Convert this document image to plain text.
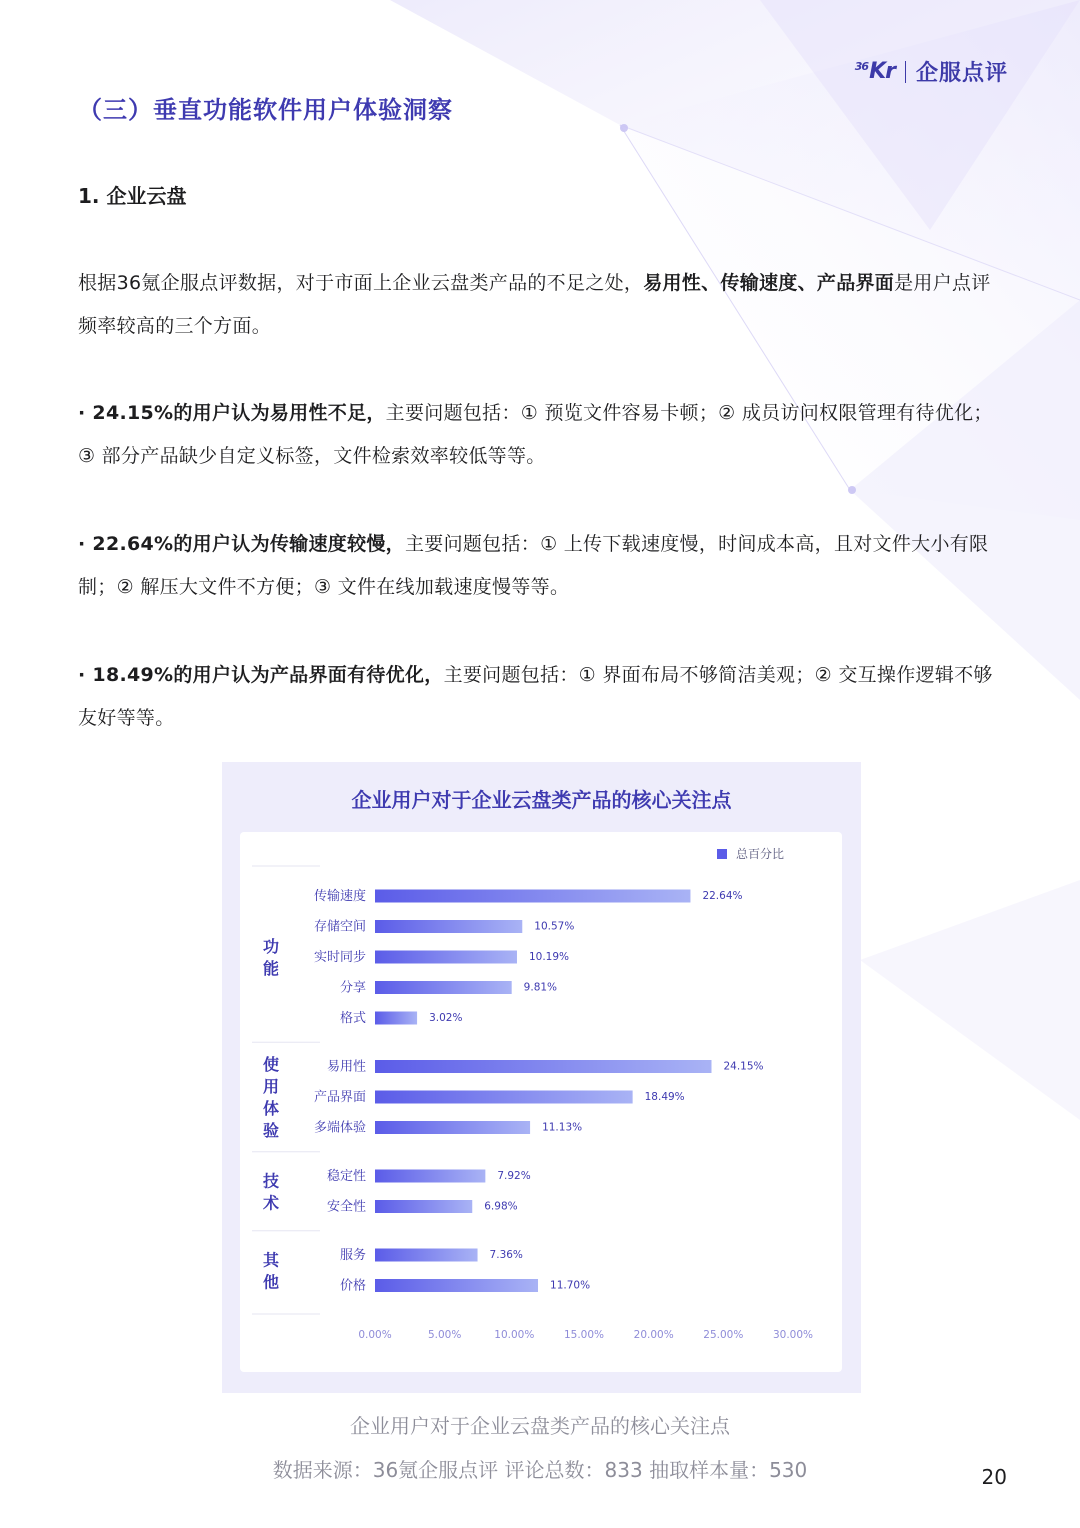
$^{36}$Kr 企服点评
（三）垂直功能软件用户体验洞察
1. 企业云盘
根据36氪企服点评数据，对于市面上企业云盘类产品的不足之处，易用性、传输速度、产品界面是用户点评频率较高的三个方面。
· 24.15%的用户认为易用性不足，主要问题包括：① 预览文件容易卡顿；② 成员访问权限管理有待优化；③ 部分产品缺少自定义标签，文件检索效率较低等等。
· 22.64%的用户认为传输速度较慢，主要问题包括：① 上传下载速度慢，时间成本高，且对文件大小有限制；② 解压大文件不方便；③ 文件在线加载速度慢等等。
· 18.49%的用户认为产品界面有待优化，主要问题包括：① 界面布局不够简洁美观；② 交互操作逻辑不够友好等等。
企业用户对于企业云盘类产品的核心关注点
传输速度	22.64%
存储空间	10.57%
实时同步	10.19%
分享	9.81%
格式	3.02%
功
能
易用性	24.15%
产品界面	18.49%
多端体验	11.13%
使
用
体
验
稳定性	7.92%
安全性	6.98%
技
术
服务	7.36%
价格	11.70%
其
他
0.00%	5.00%	10.00%	15.00%	20.00%	25.00%	30.00%
总百分比
企业用户对于企业云盘类产品的核心关注点
数据来源：36氪企服点评 评论总数：833 抽取样本量：530	20
